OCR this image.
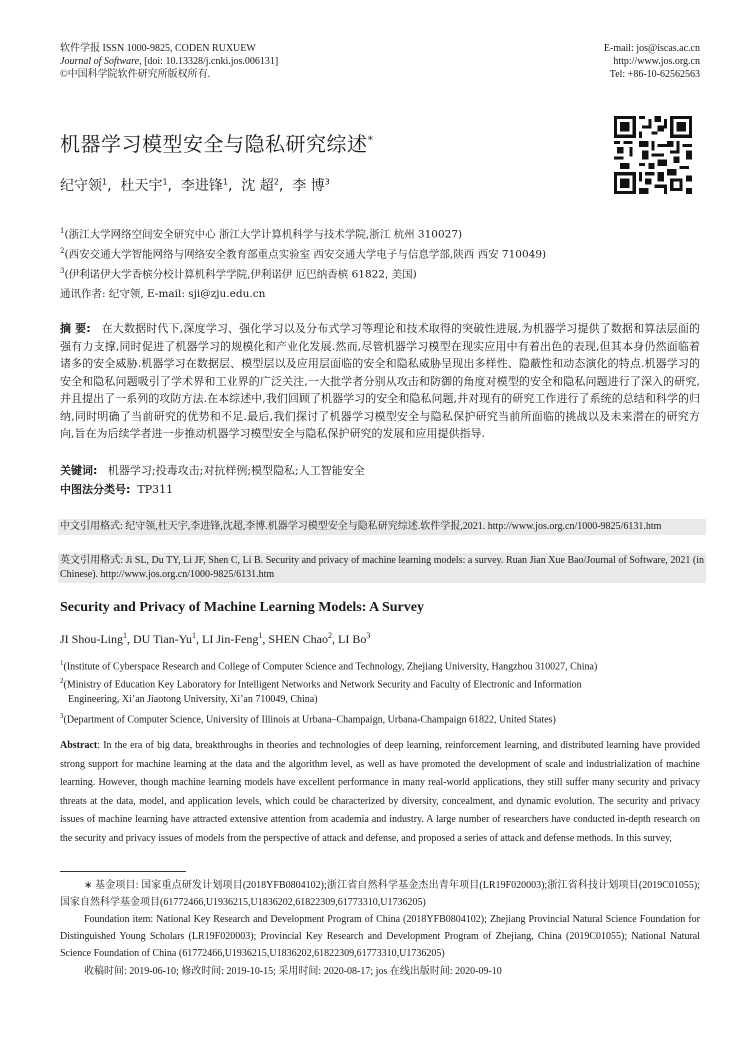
软件学报 ISSN 1000-9825, CODEN RUXUEW
Journal of Software, [doi: 10.13328/j.cnki.jos.006131]
©中国科学院软件研究所版权所有.
E-mail: jos@iscas.ac.cn
http://www.jos.org.cn
Tel: +86-10-62562563
机器学习模型安全与隐私研究综述*
纪守领$^1$,  杜天宇$^1$,  李进锋$^1$,  沈 超$^2$,  李 博$^3$
$^1$(浙江大学网络空间安全研究中心 浙江大学计算机科学与技术学院,浙江 杭州 310027)
$^2$(西安交通大学智能网络与网络安全教育部重点实验室 西安交通大学电子与信息学部,陕西 西安 710049)
$^3$(伊利诺伊大学香槟分校计算机科学学院,伊利诺伊 厄巴纳香槟 61822, 美国)
通讯作者: 纪守领, E-mail: sji@zju.edu.cn
摘 要: 在大数据时代下,深度学习、强化学习以及分布式学习等理论和技术取得的突破性进展,为机器学习提供了数据和算法层面的强有力支撑,同时促进了机器学习的规模化和产业化发展.然而,尽管机器学习模型在现实应用中有着出色的表现,但其本身仍然面临着诸多的安全威胁.机器学习在数据层、模型层以及应用层面临的安全和隐私威胁呈现出多样性、隐蔽性和动态演化的特点.机器学习的安全和隐私问题吸引了学术界和工业界的广泛关注,一大批学者分别从攻击和防御的角度对模型的安全和隐私问题进行了深入的研究,并且提出了一系列的攻防方法.在本综述中,我们回顾了机器学习的安全和隐私问题,并对现有的研究工作进行了系统的总结和科学的归纳,同时明确了当前研究的优势和不足.最后,我们探讨了机器学习模型安全与隐私保护研究当前所面临的挑战以及未来潜在的研究方向,旨在为后续学者进一步推动机器学习模型安全与隐私保护研究的发展和应用提供指导.
关键词: 机器学习;投毒攻击;对抗样例;模型隐私;人工智能安全
中图法分类号: TP311
中文引用格式: 纪守领,杜天宇,李进锋,沈超,李博.机器学习模型安全与隐私研究综述.软件学报,2021. http://www.jos.org.cn/1000-9825/6131.htm
英文引用格式: Ji SL, Du TY, Li JF, Shen C, Li B. Security and privacy of machine learning models: a survey. Ruan Jian Xue Bao/Journal of Software, 2021 (in Chinese). http://www.jos.org.cn/1000-9825/6131.htm
Security and Privacy of Machine Learning Models: A Survey
JI Shou-Ling$^1$, DU Tian-Yu$^1$, LI Jin-Feng$^1$, SHEN Chao$^2$, LI Bo$^3$
$^1$(Institute of Cyberspace Research and College of Computer Science and Technology, Zhejiang University, Hangzhou 310027, China)
$^2$(Ministry of Education Key Laboratory for Intelligent Networks and Network Security and Faculty of Electronic and Information
Engineering, Xi’an Jiaotong University, Xi’an 710049, China)
$^3$(Department of Computer Science, University of Illinois at Urbana–Champaign, Urbana-Champaign 61822, United States)
Abstract: In the era of big data, breakthroughs in theories and technologies of deep learning, reinforcement learning, and distributed learning have provided strong support for machine learning at the data and the algorithm level, as well as have promoted the development of scale and industrialization of machine learning. However, though machine learning models have excellent performance in many real-world applications, they still suffer many security and privacy threats at the data, model, and application levels, which could be characterized by diversity, concealment, and dynamic evolution. The security and privacy issues of machine learning have attracted extensive attention from academia and industry. A large number of researchers have conducted in-depth research on the security and privacy issues of models from the perspective of attack and defense, and proposed a series of attack and defense methods. In this survey,
∗ 基金项目: 国家重点研发计划项目(2018YFB0804102);浙江省自然科学基金杰出青年项目(LR19F020003);浙江省科技计划项目(2019C01055);国家自然科学基金项目(61772466,U1936215,U1836202,61822309,61773310,U1736205)
Foundation item: National Key Research and Development Program of China (2018YFB0804102); Zhejiang Provincial Natural Science Foundation for Distinguished Young Scholars (LR19F020003); Provincial Key Research and Development Program of Zhejiang, China (2019C01055); National Natural Science Foundation of China (61772466,U1936215,U1836202,61822309,61773310,U1736205)
收稿时间: 2019-06-10; 修改时间: 2019-10-15; 采用时间: 2020-08-17; jos 在线出版时间: 2020-09-10
